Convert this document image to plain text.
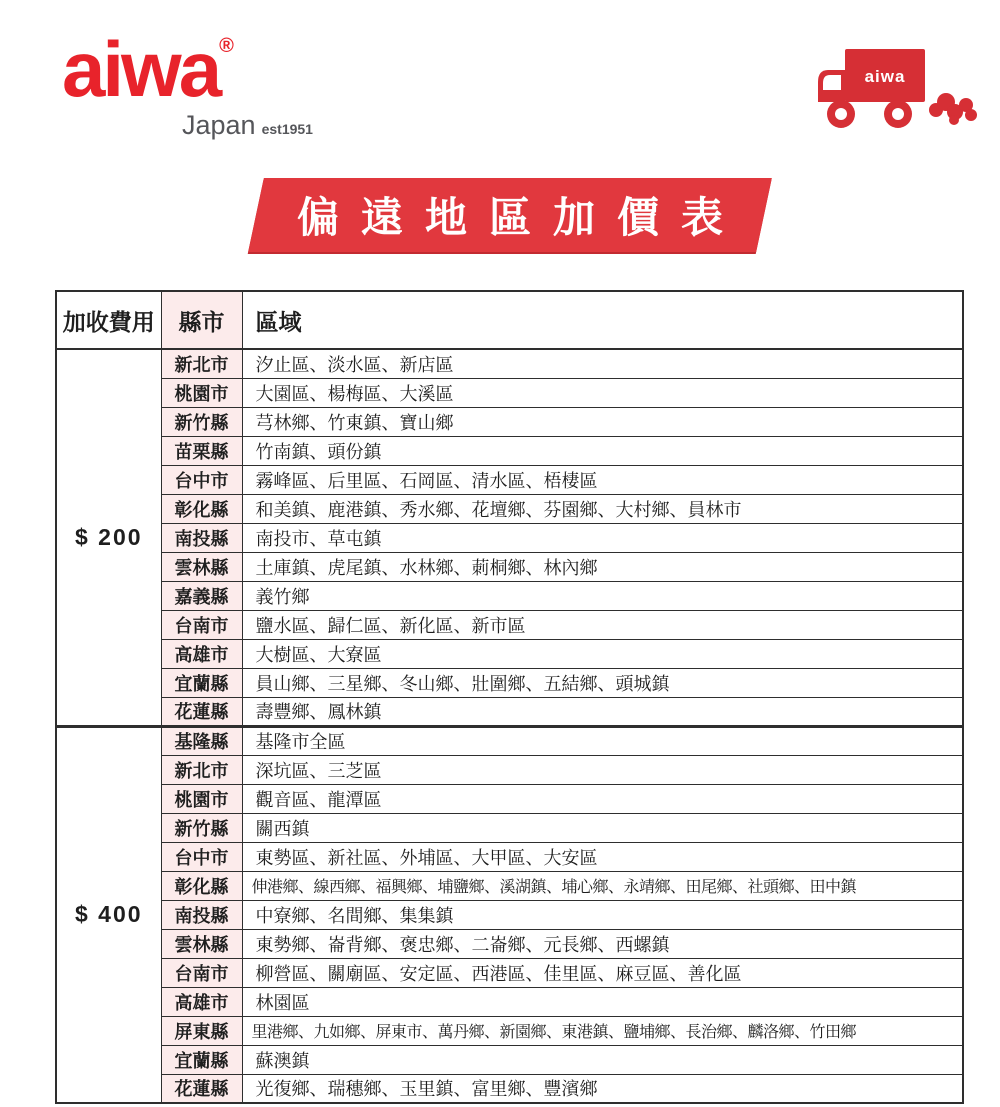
aiwa®
Japan est1951
aiwa
偏遠地區加價表
加收費用	縣市	區域
$ 200	新北市	汐止區、淡水區、新店區
	桃園市	大園區、楊梅區、大溪區
	新竹縣	芎林鄉、竹東鎮、寶山鄉
	苗栗縣	竹南鎮、頭份鎮
	台中市	霧峰區、后里區、石岡區、清水區、梧棲區
	彰化縣	和美鎮、鹿港鎮、秀水鄉、花壇鄉、芬園鄉、大村鄉、員林市
	南投縣	南投市、草屯鎮
	雲林縣	土庫鎮、虎尾鎮、水林鄉、莿桐鄉、林內鄉
	嘉義縣	義竹鄉
	台南市	鹽水區、歸仁區、新化區、新市區
	高雄市	大樹區、大寮區
	宜蘭縣	員山鄉、三星鄉、冬山鄉、壯圍鄉、五結鄉、頭城鎮
	花蓮縣	壽豐鄉、鳳林鎮
$ 400	基隆縣	基隆市全區
	新北市	深坑區、三芝區
	桃園市	觀音區、龍潭區
	新竹縣	關西鎮
	台中市	東勢區、新社區、外埔區、大甲區、大安區
	彰化縣	伸港鄉、線西鄉、福興鄉、埔鹽鄉、溪湖鎮、埔心鄉、永靖鄉、田尾鄉、社頭鄉、田中鎮
	南投縣	中寮鄉、名間鄉、集集鎮
	雲林縣	東勢鄉、崙背鄉、褒忠鄉、二崙鄉、元長鄉、西螺鎮
	台南市	柳營區、關廟區、安定區、西港區、佳里區、麻豆區、善化區
	高雄市	林園區
	屏東縣	里港鄉、九如鄉、屏東市、萬丹鄉、新園鄉、東港鎮、鹽埔鄉、長治鄉、麟洛鄉、竹田鄉
	宜蘭縣	蘇澳鎮
	花蓮縣	光復鄉、瑞穗鄉、玉里鎮、富里鄉、豐濱鄉
